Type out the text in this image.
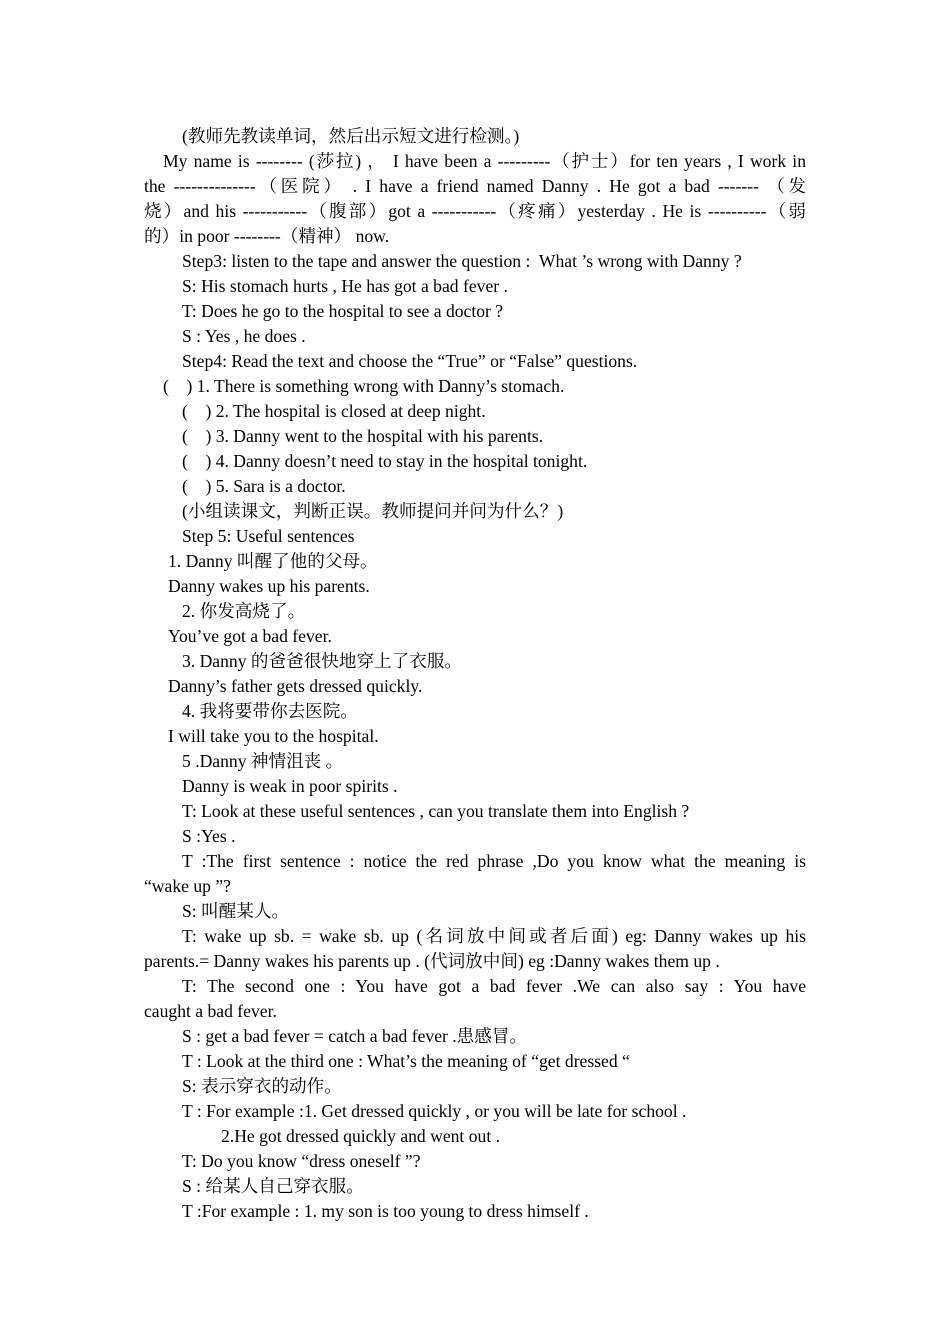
(教师先教读单词，然后出示短文进行检测。)
My name is -------- (莎拉) ， I have been a ---------（护士）for ten years , I work in
the --------------（医院） . I have a friend named Danny . He got a bad ------- （发
烧）and his -----------（腹部）got a -----------（疼痛）yesterday . He is ----------（弱
的）in poor --------（精神） now.
Step3: listen to the tape and answer the question :  What ’s wrong with Danny ?
S: His stomach hurts , He has got a bad fever .
T: Does he go to the hospital to see a doctor ?
S : Yes , he does .
Step4: Read the text and choose the “True” or “False” questions.
(    ) 1. There is something wrong with Danny’s stomach.
(    ) 2. The hospital is closed at deep night.
(    ) 3. Danny went to the hospital with his parents.
(    ) 4. Danny doesn’t need to stay in the hospital tonight.
(    ) 5. Sara is a doctor.
(小组读课文，判断正误。教师提问并问为什么？)
Step 5: Useful sentences
1. Danny 叫醒了他的父母。
Danny wakes up his parents.
2. 你发高烧了。
You’ve got a bad fever.
3. Danny 的爸爸很快地穿上了衣服。
Danny’s father gets dressed quickly.
4. 我将要带你去医院。
I will take you to the hospital.
5 .Danny 神情沮丧 。
Danny is weak in poor spirits .
T: Look at these useful sentences , can you translate them into English ?
S :Yes .
T :The first sentence : notice the red phrase ,Do you know what the meaning is
“wake up ”?
S: 叫醒某人。
T: wake up sb. = wake sb. up (名词放中间或者后面) eg: Danny wakes up his
parents.= Danny wakes his parents up . (代词放中间) eg :Danny wakes them up .
T: The second one : You have got a bad fever .We can also say : You have
caught a bad fever.
S : get a bad fever = catch a bad fever .患感冒。
T : Look at the third one : What’s the meaning of “get dressed “
S: 表示穿衣的动作。
T : For example :1. Get dressed quickly , or you will be late for school .
2.He got dressed quickly and went out .
T: Do you know “dress oneself ”?
S : 给某人自己穿衣服。
T :For example : 1. my son is too young to dress himself .
